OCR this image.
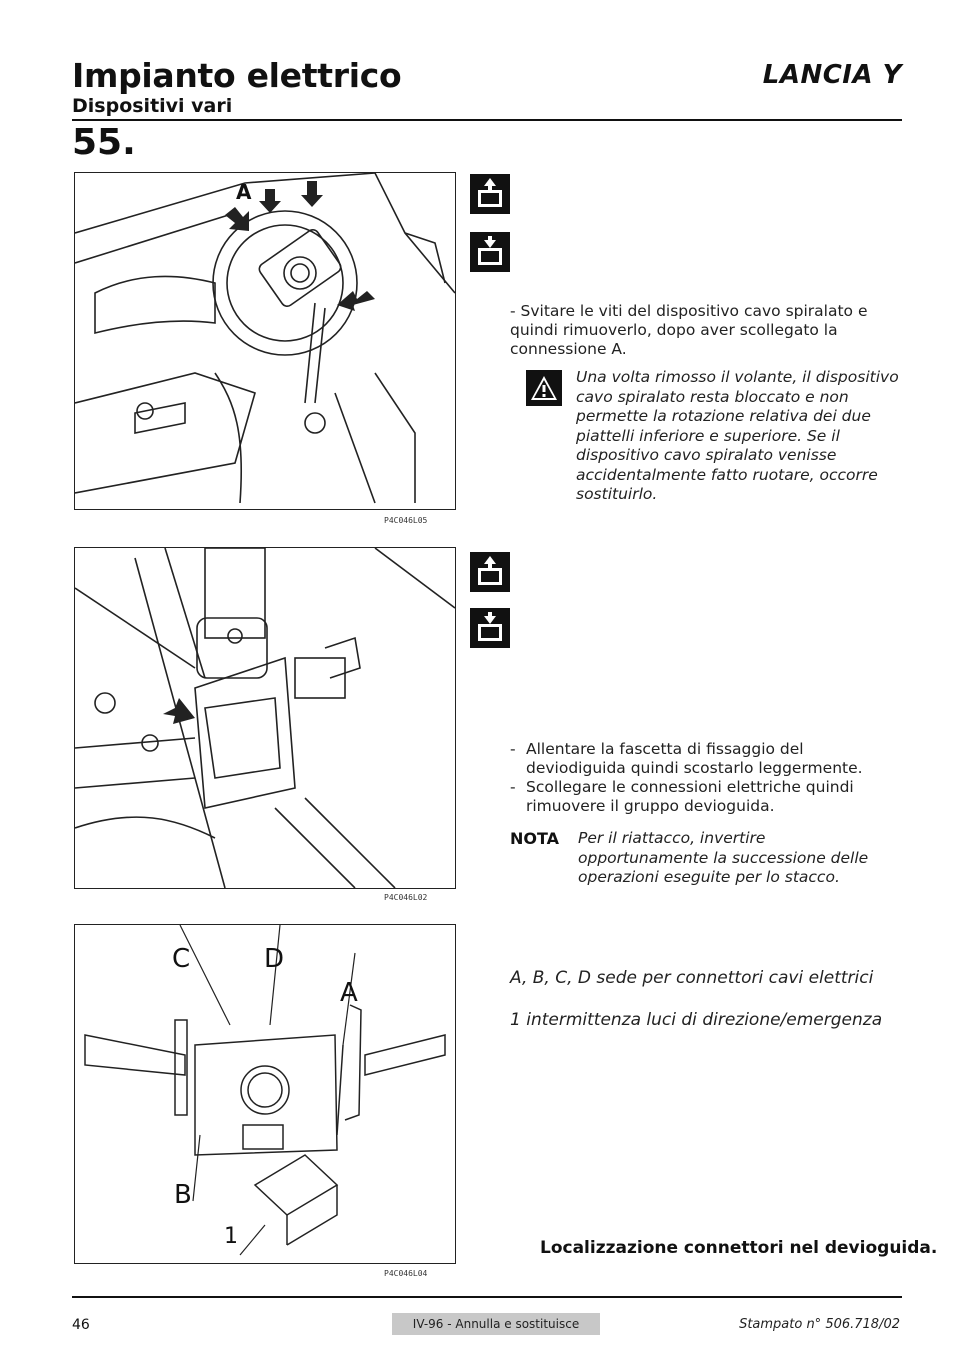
Impianto elettrico
Dispositivi vari
LANCIA Y
55.
P4C046L05
A
- Svitare le viti del dispositivo cavo spiralato e quindi rimuoverlo, dopo aver scollegato la connessione A.
Una volta rimosso il volante, il dispositivo cavo spiralato resta bloccato e non permette la rotazione relativa dei due piattelli inferiore e superiore. Se il dispositivo cavo spiralato venisse accidentalmente fatto ruotare, occorre sostituirlo.
P4C046L02
- Allentare la fascetta di fissaggio del deviodiguida quindi scostarlo leggermente.
- Scollegare le connessioni elettriche quindi rimuovere il gruppo devioguida.
NOTA Per il riattacco, invertire opportunamente la successione delle operazioni eseguite per lo stacco.
C	D
A
B
1
P4C046L04
A, B, C, D sede per connettori cavi elettrici
1 intermittenza luci di direzione/emergenza
Localizzazione connettori nel devioguida.
46	IV-96 - Annulla e sostituisce	Stampato n° 506.718/02
